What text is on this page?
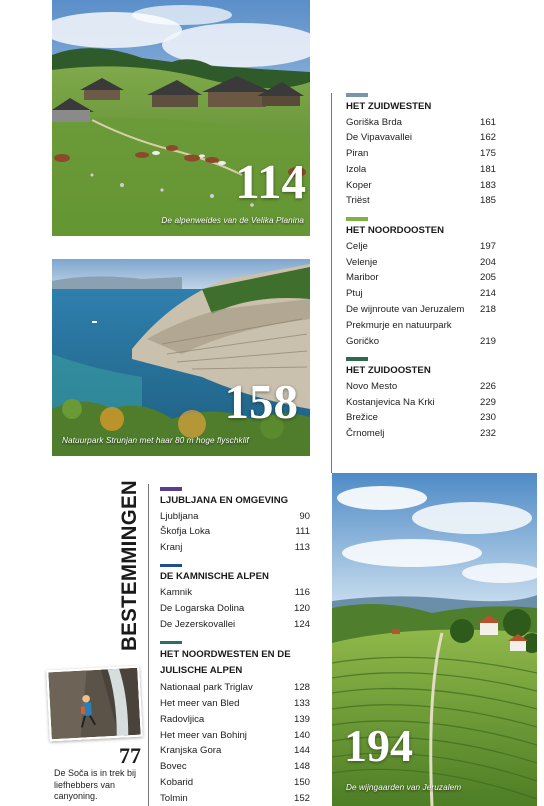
114
De alpenweides van de Velika Planina
158
Natuurpark Strunjan met haar 80 m hoge flyschklif
HET ZUIDWESTEN
Goriška Brda	161
De Vipavavallei	162
Piran	175
Izola	181
Koper	183
Triëst	185
HET NOORDOOSTEN
Celje	197
Velenje	204
Maribor	205
Ptuj	214
De wijnroute van Jeruzalem 218
Prekmurje en natuurpark Goričko	219
HET ZUIDOOSTEN
Novo Mesto	226
Kostanjevica Na Krki	229
Brežice	230
Črnomelj	232
194
De wijngaarden van Jeruzalem
BESTEMMINGEN LJUBLJANA EN OMGEVING
Ljubljana	90
Škofja Loka	111
Kranj	113
DE KAMNISCHE ALPEN
Kamnik	116
De Logarska Dolina	120
De Jezerskovallei	124
HET NOORDWESTEN EN DE JULISCHE ALPEN
Nationaal park Triglav	128
Het meer van Bled	133
Radovljica	139
Het meer van Bohinj	140
Kranjska Gora	144
Bovec	148
Kobarid	150
Tolmin	152
77
De Soča is in trek bij liefhebbers van canyoning.
